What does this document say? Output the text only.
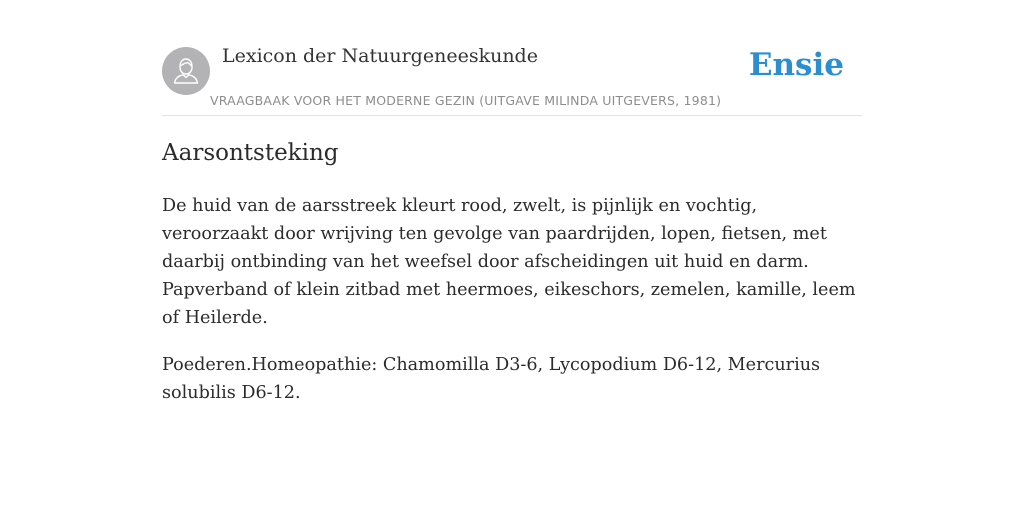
Lexicon der Natuurgeneeskunde
VRAAGBAAK VOOR HET MODERNE GEZIN (UITGAVE MILINDA UITGEVERS, 1981)
Ensie
Aarsontsteking

De huid van de aarsstreek kleurt rood, zwelt, is pijnlijk en vochtig, veroorzaakt door wrijving ten gevolge van paardrijden, lopen, fietsen, met daarbij ontbinding van het weefsel door afscheidingen uit huid en darm. Papverband of klein zitbad met heermoes, eikeschors, zemelen, kamille, leem of Heilerde.

Poederen.Homeopathie: Chamomilla D3-6, Lycopodium D6-12, Mercurius solubilis D6-12.
